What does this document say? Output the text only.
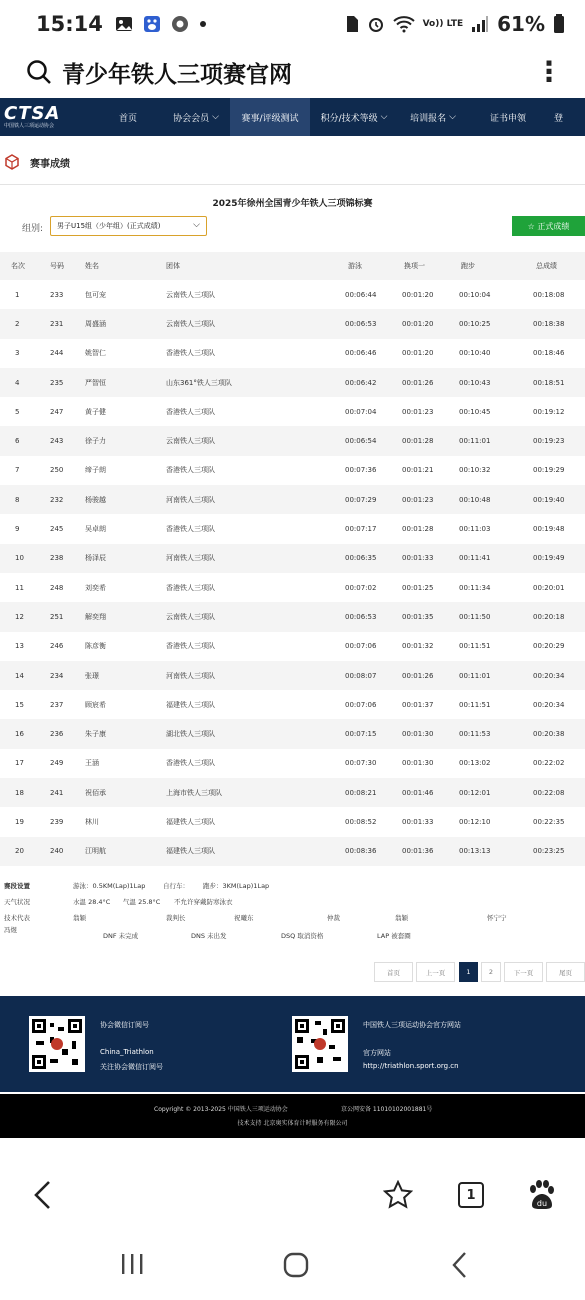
15:14	Vo)) LTE 61%
青少年铁人三项赛官网	⋮
CTSA
中国铁人三项运动协会
首页	协会会员 ⌵	赛事/评级测试 积分/技术等级 ⌵	培训报名 ⌵	证书申领	登
赛事成绩
2025年徐州全国青少年铁人三项锦标赛
组别: 男子U15组（少年组）(正式成绩)	⌵	☆ 正式成绩
名次	号码	姓名	团体	游泳	换项一	跑步	总成绩
1	233	包可宠	云南铁人三项队	00:06:44	00:01:20	00:10:04	00:18:08
2	231	周盛涵	云南铁人三项队	00:06:53	00:01:20	00:10:25	00:18:38
3	244	姚智仁	香港铁人三项队	00:06:46	00:01:20	00:10:40	00:18:46
4	235	严智恒	山东361°铁人三项队	00:06:42	00:01:26	00:10:43	00:18:51
5	247	黄子健	香港铁人三项队	00:07:04	00:01:23	00:10:45	00:19:12
6	243	徐子力	云南铁人三项队	00:06:54	00:01:28	00:11:01	00:19:23
7	250	缔子朗	香港铁人三项队	00:07:36	00:01:21	00:10:32	00:19:29
8	232	杨骏越	河南铁人三项队	00:07:29	00:01:23	00:10:48	00:19:40
9	245	吴卓朗	香港铁人三项队	00:07:17	00:01:28	00:11:03	00:19:48
10	238	杨泽辰	河南铁人三项队	00:06:35	00:01:33	00:11:41	00:19:49
11	248	刘奕希	香港铁人三项队	00:07:02	00:01:25	00:11:34	00:20:01
12	251	解奕翔	云南铁人三项队	00:06:53	00:01:35	00:11:50	00:20:18
13	246	陈彦衡	香港铁人三项队	00:07:06	00:01:32	00:11:51	00:20:29
14	234	张璟	河南铁人三项队	00:08:07	00:01:26	00:11:01	00:20:34
15	237	顾宸希	福建铁人三项队	00:07:06	00:01:37	00:11:51	00:20:34
16	236	朱子康	湖北铁人三项队	00:07:15	00:01:30	00:11:53	00:20:38
17	249	王涵	香港铁人三项队	00:07:30	00:01:30	00:13:02	00:22:02
18	241	祝佰承	上海市铁人三项队	00:08:21	00:01:46	00:12:01	00:22:08
19	239	林川	福建铁人三项队	00:08:52	00:01:33	00:12:10	00:22:35
20	240	江明航	福建铁人三项队	00:08:36	00:01:36	00:13:13	00:23:25
赛段设置	游泳：0.5KM(Lap)1Lap	自行车： 跑步：3KM(Lap)1Lap
天气状况	水温 28.4°C 气温 25.8°C 不允许穿戴防寒泳衣
技术代表	翁颖	裁判长	祝曦东	仲裁	翁颖	怀宁宁
冯煜
DNF 未完成	DNS 未出发	DSQ 取消资格	LAP 被套圈
首页	上一页	1	2	下一页	尾页
协会微信订阅号
China_Triathlon
关注协会微信订阅号
中国铁人三项运动协会官方网站
官方网站
http://triathlon.sport.org.cn
Copyright © 2013-2025 中国铁人三项运动协会	京公网安备 11010102001881号
技术支持 北京奥实体育计时服务有限公司
1
du
